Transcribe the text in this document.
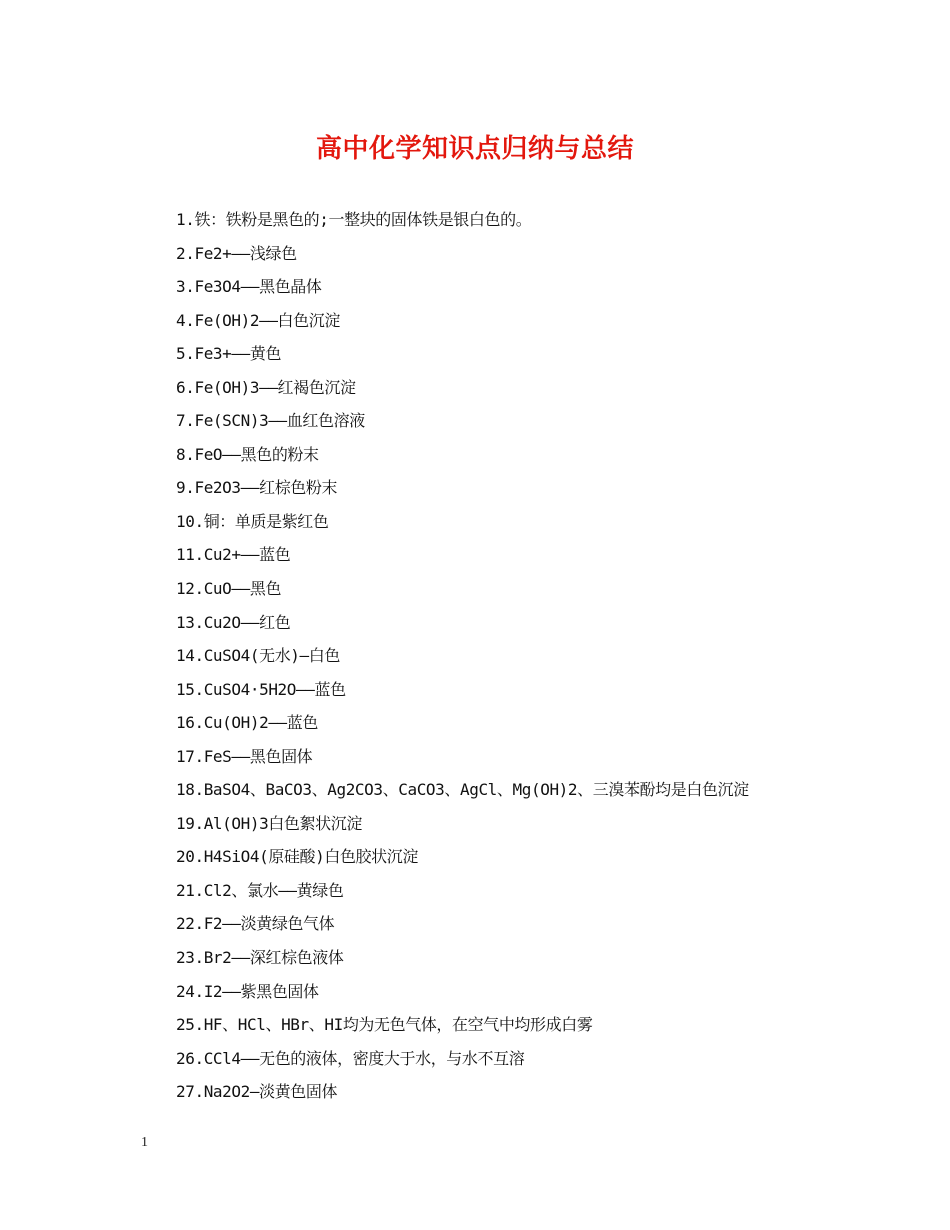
高中化学知识点归纳与总结
1.铁：铁粉是黑色的;一整块的固体铁是银白色的。
2.Fe2+——浅绿色
3.Fe3O4——黑色晶体
4.Fe(OH)2——白色沉淀
5.Fe3+——黄色
6.Fe(OH)3——红褐色沉淀
7.Fe(SCN)3——血红色溶液
8.FeO——黑色的粉末
9.Fe2O3——红棕色粉末
10.铜：单质是紫红色
11.Cu2+——蓝色
12.CuO——黑色
13.Cu2O——红色
14.CuSO4(无水)—白色
15.CuSO4·5H2O——蓝色
16.Cu(OH)2——蓝色
17.FeS——黑色固体
18.BaSO4、BaCO3、Ag2CO3、CaCO3、AgCl、Mg(OH)2、三溴苯酚均是白色沉淀
19.Al(OH)3白色絮状沉淀
20.H4SiO4(原硅酸)白色胶状沉淀
21.Cl2、氯水——黄绿色
22.F2——淡黄绿色气体
23.Br2——深红棕色液体
24.I2——紫黑色固体
25.HF、HCl、HBr、HI均为无色气体，在空气中均形成白雾
26.CCl4——无色的液体，密度大于水，与水不互溶
27.Na2O2—淡黄色固体
1
